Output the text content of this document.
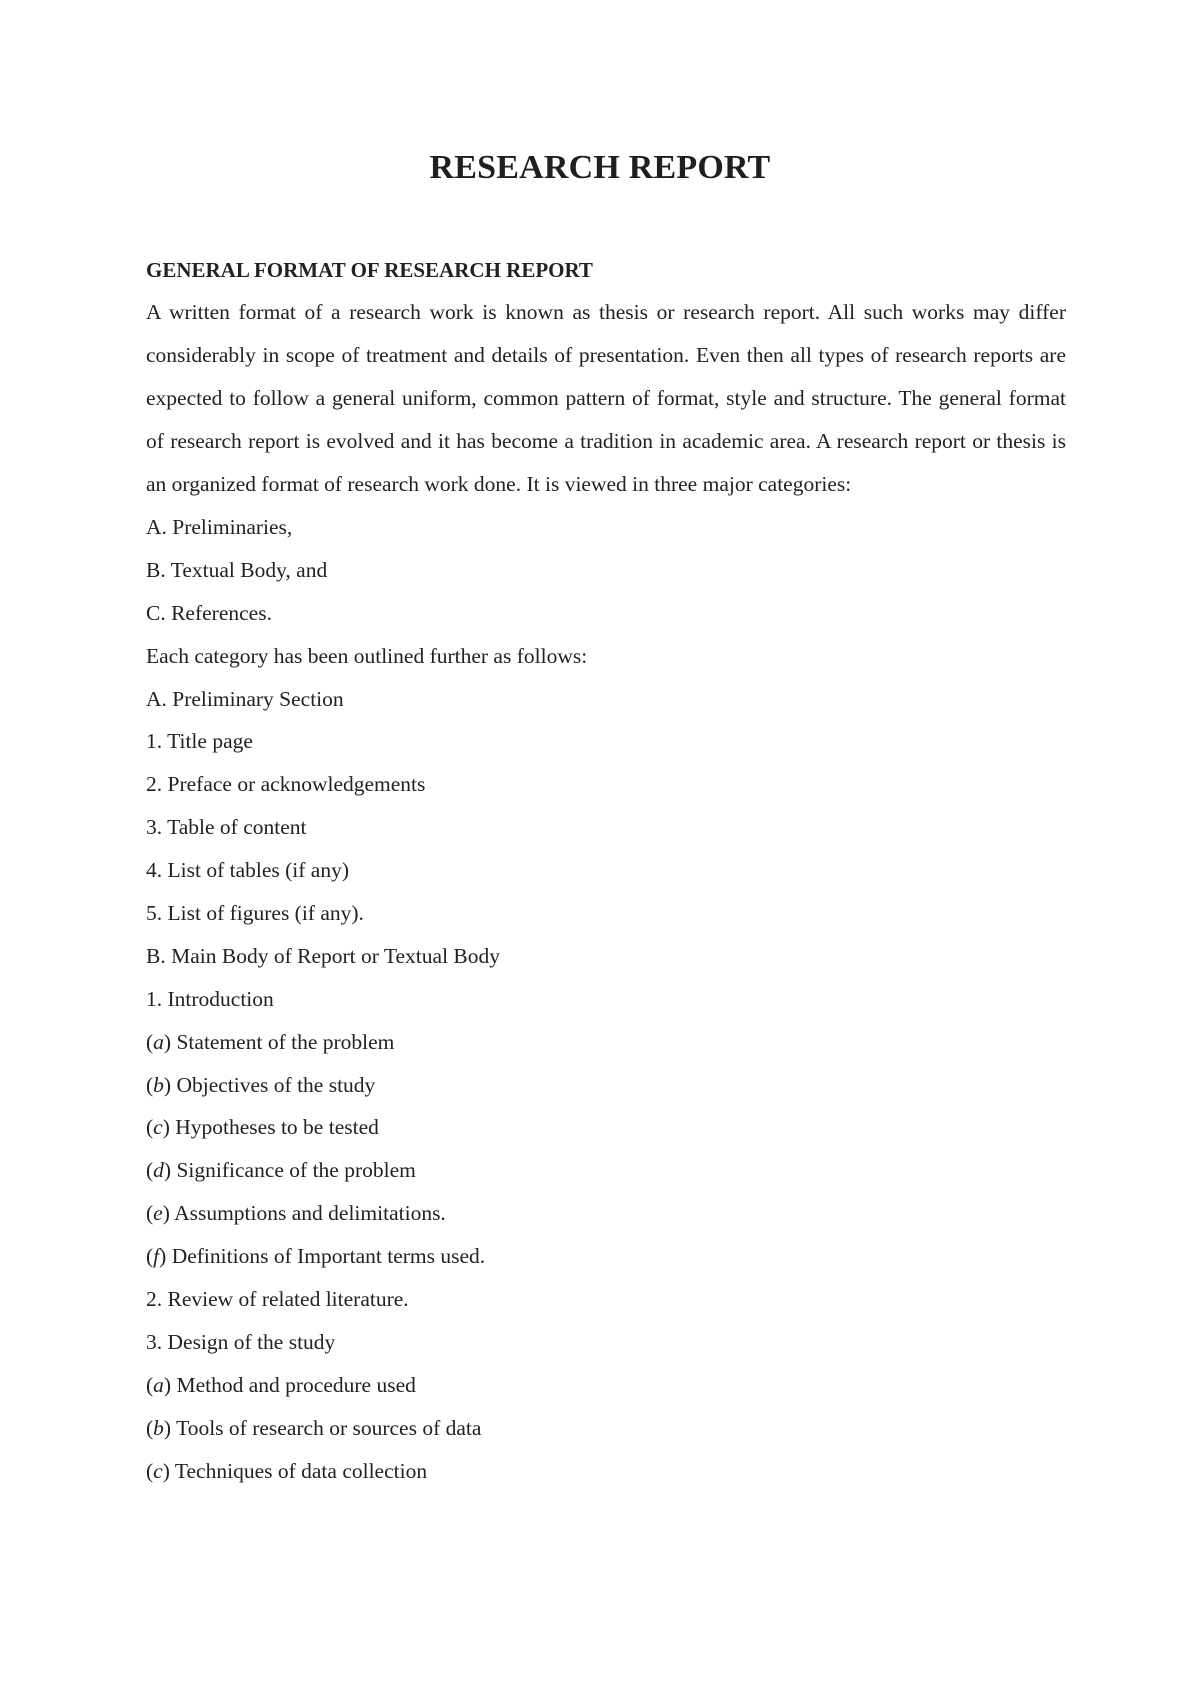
RESEARCH REPORT
GENERAL FORMAT OF RESEARCH REPORT
A written format of a research work is known as thesis or research report. All such works may differ considerably in scope of treatment and details of presentation. Even then all types of research reports are expected to follow a general uniform, common pattern of format, style and structure. The general format of research report is evolved and it has become a tradition in academic area. A research report or thesis is an organized format of research work done. It is viewed in three major categories:
A. Preliminaries,
B. Textual Body, and
C. References.
Each category has been outlined further as follows:
A. Preliminary Section
1. Title page
2. Preface or acknowledgements
3. Table of content
4. List of tables (if any)
5. List of figures (if any).
B. Main Body of Report or Textual Body
1. Introduction
(a) Statement of the problem
(b) Objectives of the study
(c) Hypotheses to be tested
(d) Significance of the problem
(e) Assumptions and delimitations.
(f) Definitions of Important terms used.
2. Review of related literature.
3. Design of the study
(a) Method and procedure used
(b) Tools of research or sources of data
(c) Techniques of data collection
